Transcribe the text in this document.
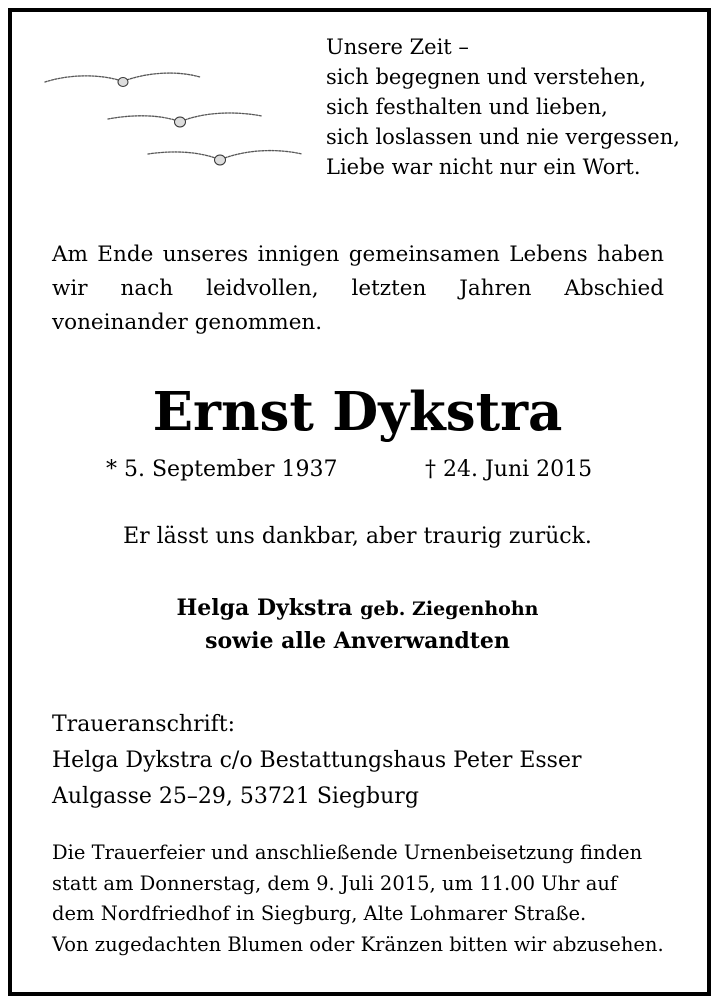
Unsere Zeit –
sich begegnen und verstehen,
sich festhalten und lieben,
sich loslassen und nie vergessen,
Liebe war nicht nur ein Wort.
Am Ende unseres innigen gemeinsamen Lebens haben wir nach leidvollen, letzten Jahren Abschied voneinander genommen.
Ernst Dykstra
* 5. September 1937	† 24. Juni 2015
Er lässt uns dankbar, aber traurig zurück.
Helga Dykstra geb. Ziegenhohn
sowie alle Anverwandten
Traueranschrift:
Helga Dykstra c/o Bestattungshaus Peter Esser
Aulgasse 25–29, 53721 Siegburg
Die Trauerfeier und anschließende Urnenbeisetzung finden
statt am Donnerstag, dem 9. Juli 2015, um 11.00 Uhr auf
dem Nordfriedhof in Siegburg, Alte Lohmarer Straße.
Von zugedachten Blumen oder Kränzen bitten wir abzusehen.
